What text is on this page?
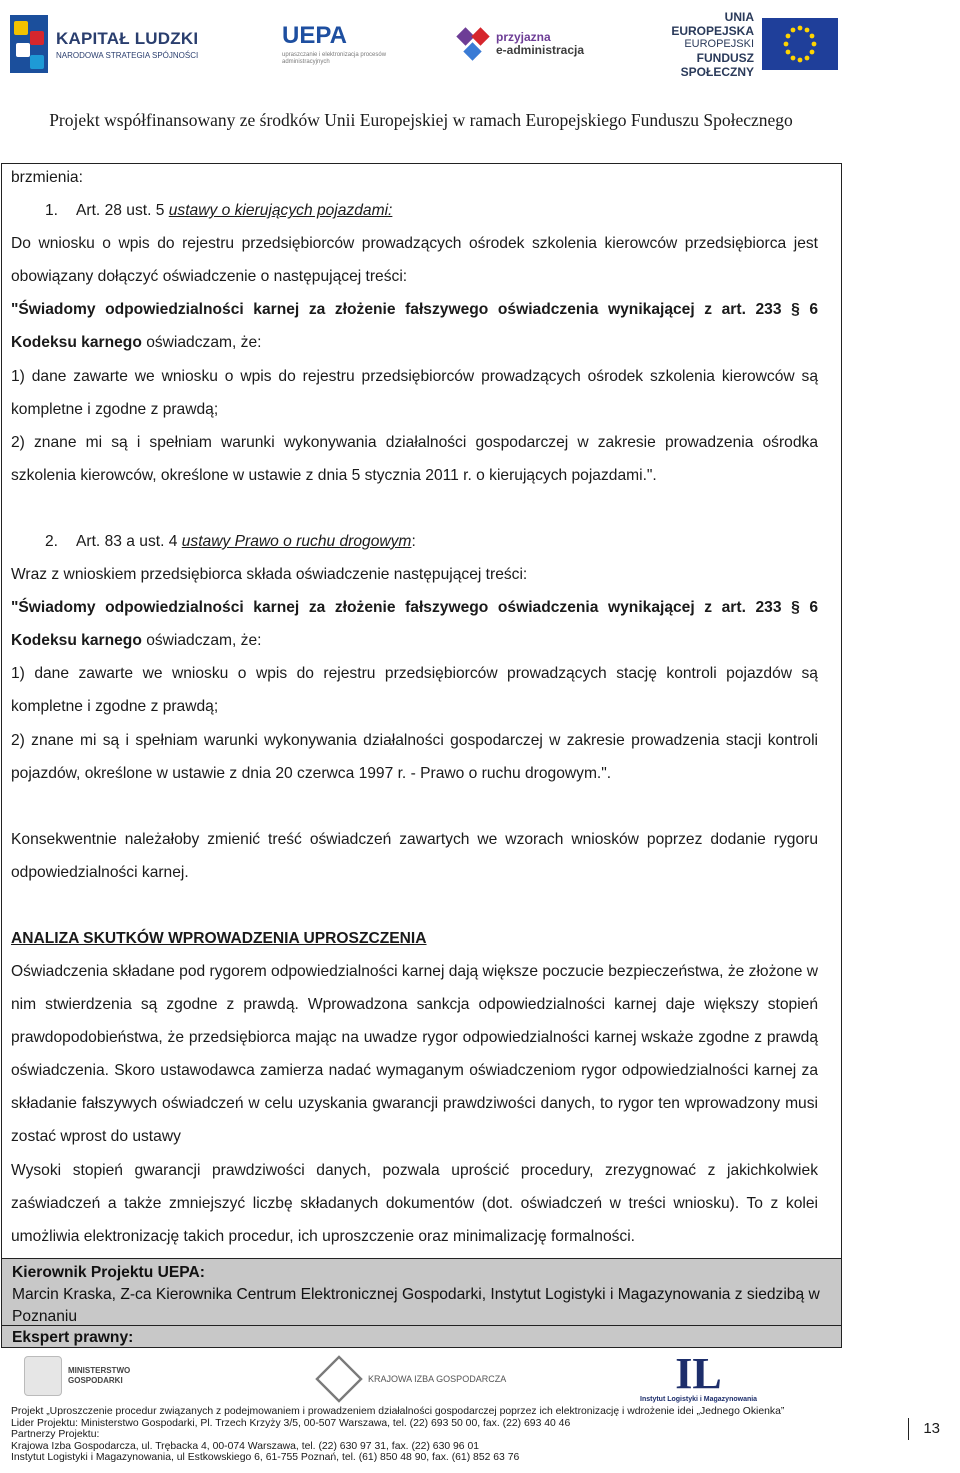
KAPITAŁ LUDZKI
NARODOWA STRATEGIA SPÓJNOŚCI
UEPA
upraszczanie i elektronizacja procesów administracyjnych
przyjazna
e-administracja
UNIA EUROPEJSKA
EUROPEJSKI
FUNDUSZ SPOŁECZNY
Projekt współfinansowany ze środków Unii Europejskiej w ramach Europejskiego Funduszu Społecznego

brzmienia:

1. Art. 28 ust. 5 ustawy o kierujących pojazdami:

Do wniosku o wpis do rejestru przedsiębiorców prowadzących ośrodek szkolenia kierowców przedsiębiorca jest obowiązany dołączyć oświadczenie o następującej treści:

"Świadomy odpowiedzialności karnej za złożenie fałszywego oświadczenia wynikającej z art. 233 § 6 Kodeksu karnego oświadczam, że:

1) dane zawarte we wniosku o wpis do rejestru przedsiębiorców prowadzących ośrodek szkolenia kierowców są kompletne i zgodne z prawdą;

2) znane mi są i spełniam warunki wykonywania działalności gospodarczej w zakresie prowadzenia ośrodka szkolenia kierowców, określone w ustawie z dnia 5 stycznia 2011 r. o kierujących pojazdami.".

2. Art. 83 a ust. 4 ustawy Prawo o ruchu drogowym:

Wraz z wnioskiem przedsiębiorca składa oświadczenie następującej treści:

"Świadomy odpowiedzialności karnej za złożenie fałszywego oświadczenia wynikającej z art. 233 § 6 Kodeksu karnego oświadczam, że:

1) dane zawarte we wniosku o wpis do rejestru przedsiębiorców prowadzących stację kontroli pojazdów są kompletne i zgodne z prawdą;

2) znane mi są i spełniam warunki wykonywania działalności gospodarczej w zakresie prowadzenia stacji kontroli pojazdów, określone w ustawie z dnia 20 czerwca 1997 r. - Prawo o ruchu drogowym.".

Konsekwentnie należałoby zmienić treść oświadczeń zawartych we wzorach wniosków poprzez dodanie rygoru odpowiedzialności karnej.

ANALIZA SKUTKÓW WPROWADZENIA UPROSZCZENIA

Oświadczenia składane pod rygorem odpowiedzialności karnej dają większe poczucie bezpieczeństwa, że złożone w nim stwierdzenia są zgodne z prawdą. Wprowadzona sankcja odpowiedzialności karnej daje większy stopień prawdopodobieństwa, że przedsiębiorca mając na uwadze rygor odpowiedzialności karnej wskaże zgodne z prawdą oświadczenia. Skoro ustawodawca zamierza nadać wymaganym oświadczeniom rygor odpowiedzialności karnej za składanie fałszywych oświadczeń w celu uzyskania gwarancji prawdziwości danych, to rygor ten wprowadzony musi zostać wprost do ustawy

Wysoki stopień gwarancji prawdziwości danych, pozwala uprościć procedury, zrezygnować z jakichkolwiek zaświadczeń a także zmniejszyć liczbę składanych dokumentów (dot. oświadczeń w treści wniosku). To z kolei umożliwia elektronizację takich procedur, ich uproszczenie oraz minimalizację formalności.

Kierownik Projektu UEPA:
Marcin Kraska, Z-ca Kierownika Centrum Elektronicznej Gospodarki, Instytut Logistyki i Magazynowania z siedzibą w Poznaniu
Ekspert prawny:
MINISTERSTWO GOSPODARKI	KRAJOWA IZBA GOSPODARCZA	IL
Instytut Logistyki i Magazynowania
Projekt „Uproszczenie procedur związanych z podejmowaniem i prowadzeniem działalności gospodarczej poprzez ich elektronizację i wdrożenie idei „Jednego Okienka”
Lider Projektu: Ministerstwo Gospodarki, Pl. Trzech Krzyży 3/5, 00-507 Warszawa, tel. (22) 693 50 00, fax. (22) 693 40 46
Partnerzy Projektu:
Krajowa Izba Gospodarcza, ul. Trębacka 4, 00-074 Warszawa, tel. (22) 630 97 31, fax. (22) 630 96 01
Instytut Logistyki i Magazynowania, ul Estkowskiego 6, 61-755 Poznań, tel. (61) 850 48 90, fax. (61) 852 63 76
13
